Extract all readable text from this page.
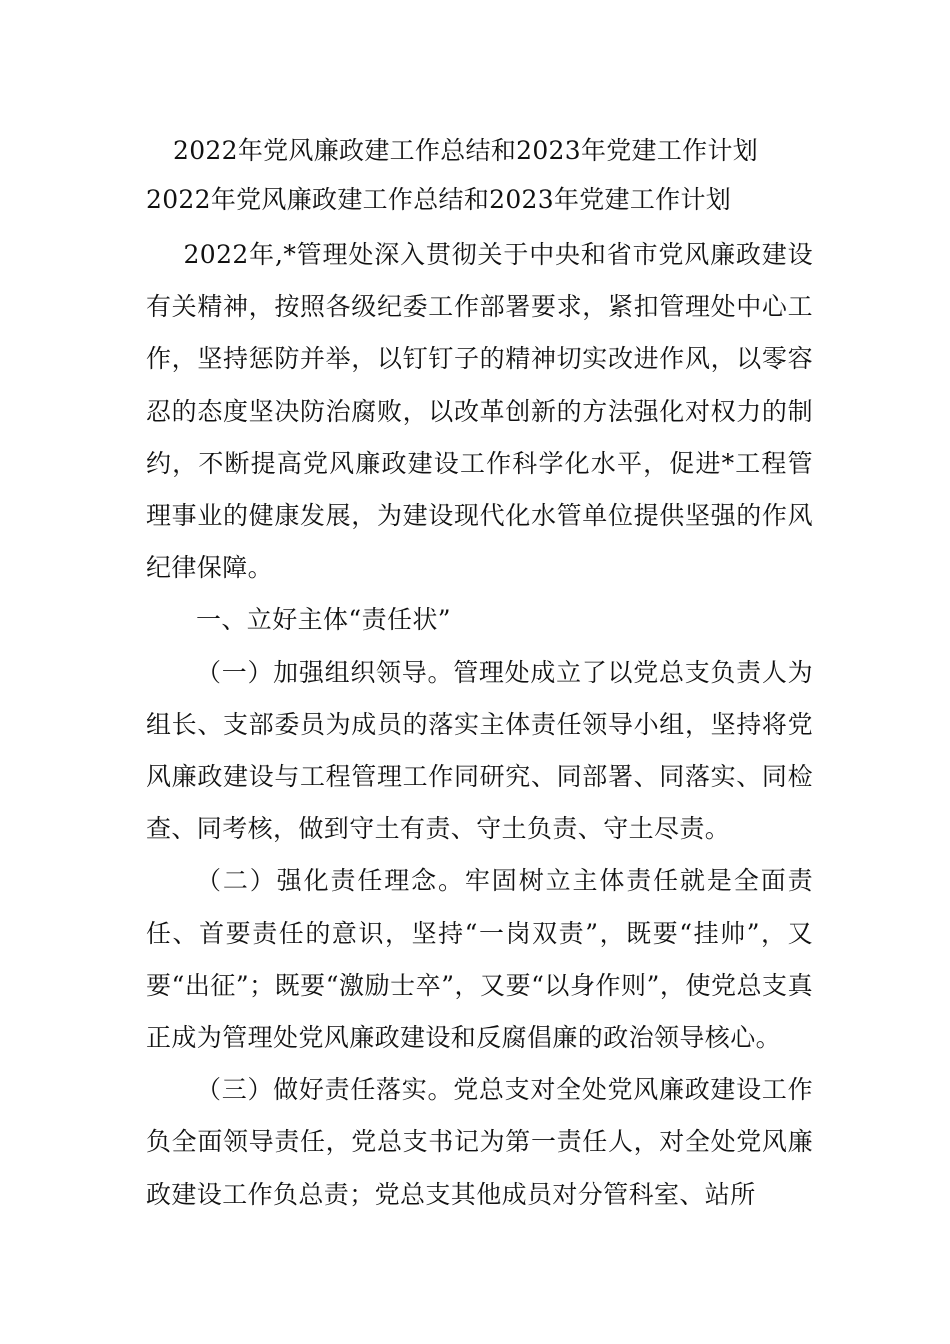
2022年党风廉政建工作总结和2023年党建工作计划
2022年党风廉政建工作总结和2023年党建工作计划

2022年,*管理处深入贯彻关于中央和省市党风廉政建设有关精神，按照各级纪委工作部署要求，紧扣管理处中心工作，坚持惩防并举，以钉钉子的精神切实改进作风，以零容忍的态度坚决防治腐败，以改革创新的方法强化对权力的制约，不断提高党风廉政建设工作科学化水平，促进*工程管理事业的健康发展，为建设现代化水管单位提供坚强的作风纪律保障。

一、立好主体“责任状”

（一）加强组织领导。管理处成立了以党总支负责人为组长、支部委员为成员的落实主体责任领导小组，坚持将党风廉政建设与工程管理工作同研究、同部署、同落实、同检查、同考核，做到守土有责、守土负责、守土尽责。

（二）强化责任理念。牢固树立主体责任就是全面责任、首要责任的意识，坚持“一岗双责”，既要“挂帅”，又要“出征”；既要“激励士卒”，又要“以身作则”，使党总支真正成为管理处党风廉政建设和反腐倡廉的政治领导核心。

（三）做好责任落实。党总支对全处党风廉政建设工作负全面领导责任，党总支书记为第一责任人，对全处党风廉政建设工作负总责；党总支其他成员对分管科室、站所
